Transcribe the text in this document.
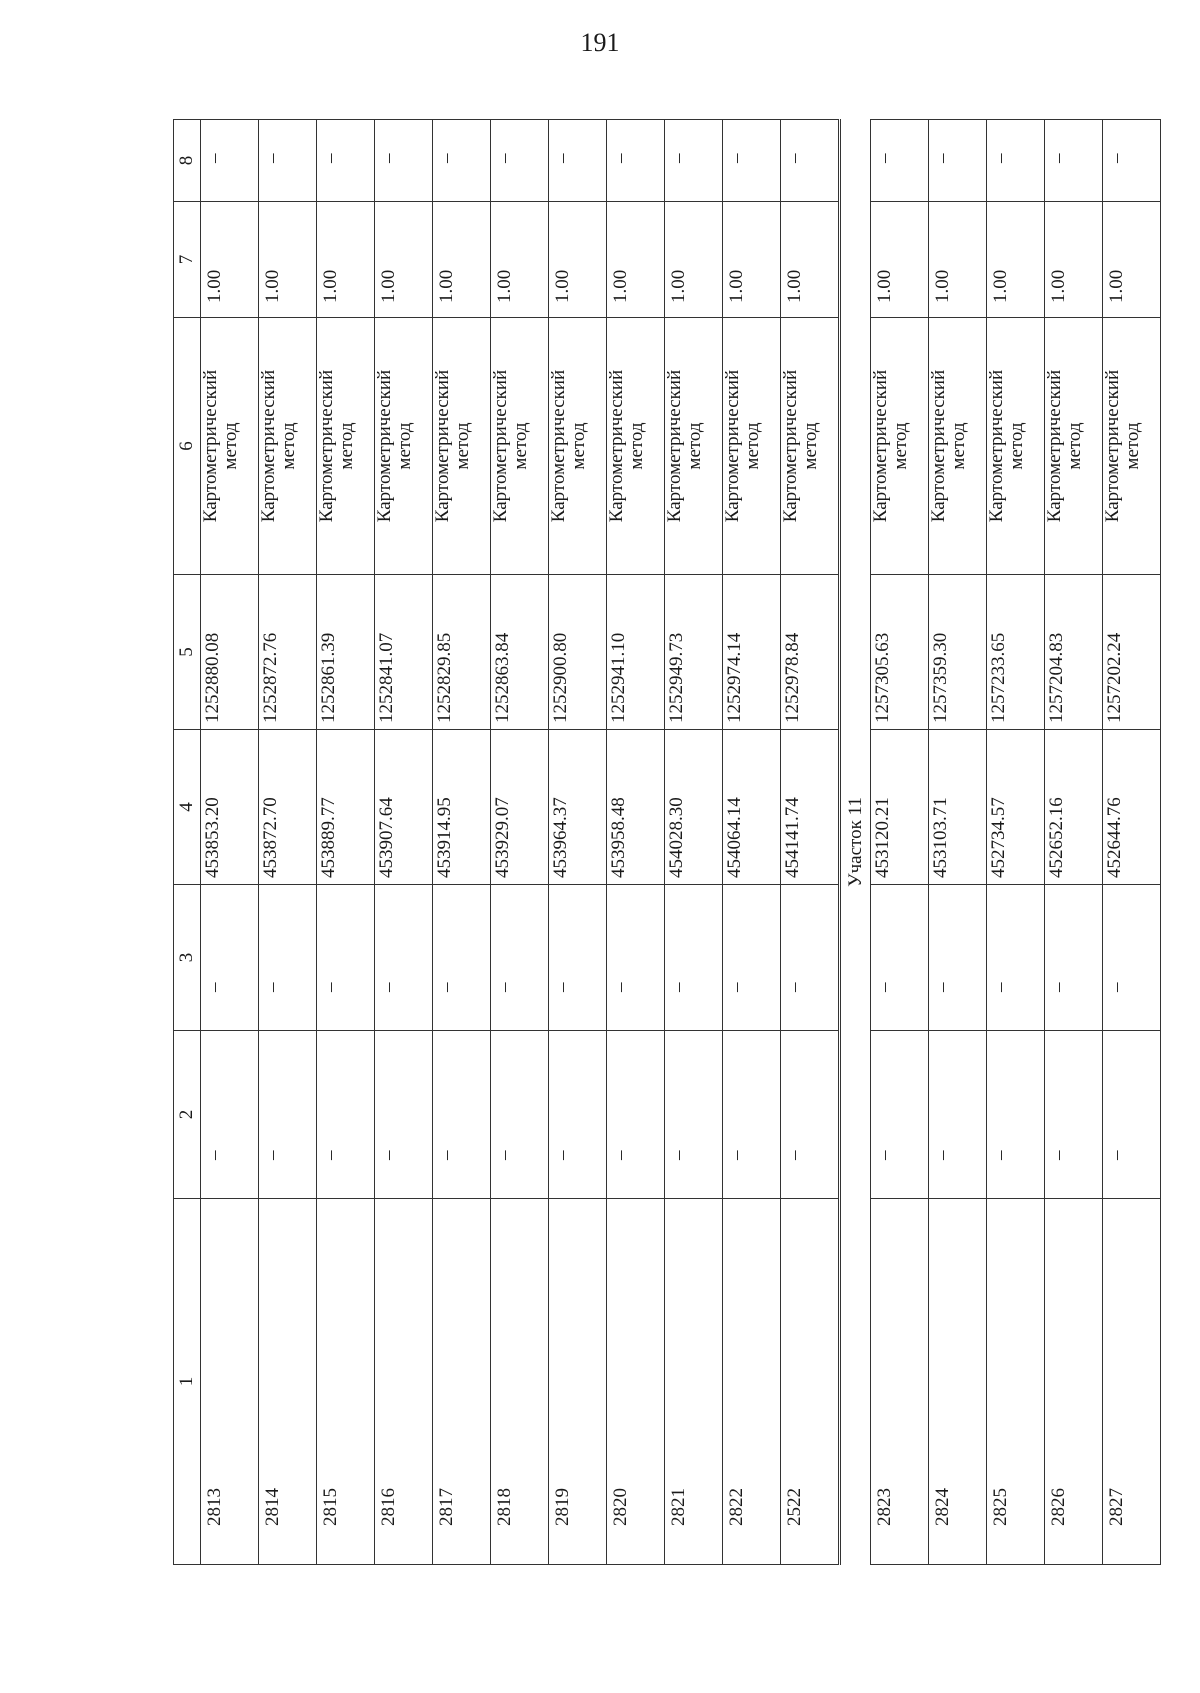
191
1	2	3	4	5	6	7	8
2813	–	–	453853.20	1252880.08	Картометрический
метод	1.00	–
2814	–	–	453872.70	1252872.76	Картометрический
метод	1.00	–
2815	–	–	453889.77	1252861.39	Картометрический
метод	1.00	–
2816	–	–	453907.64	1252841.07	Картометрический
метод	1.00	–
2817	–	–	453914.95	1252829.85	Картометрический
метод	1.00	–
2818	–	–	453929.07	1252863.84	Картометрический
метод	1.00	–
2819	–	–	453964.37	1252900.80	Картометрический
метод	1.00	–
2820	–	–	453958.48	1252941.10	Картометрический
метод	1.00	–
2821	–	–	454028.30	1252949.73	Картометрический
метод	1.00	–
2822	–	–	454064.14	1252974.14	Картометрический
метод	1.00	–
2522	–	–	454141.74	1252978.84	Картометрический
метод	1.00	–
Участок 11							
2823	–	–	453120.21	1257305.63	Картометрический
метод	1.00	–
2824	–	–	453103.71	1257359.30	Картометрический
метод	1.00	–
2825	–	–	452734.57	1257233.65	Картометрический
метод	1.00	–
2826	–	–	452652.16	1257204.83	Картометрический
метод	1.00	–
2827	–	–	452644.76	1257202.24	Картометрический
метод	1.00	–
